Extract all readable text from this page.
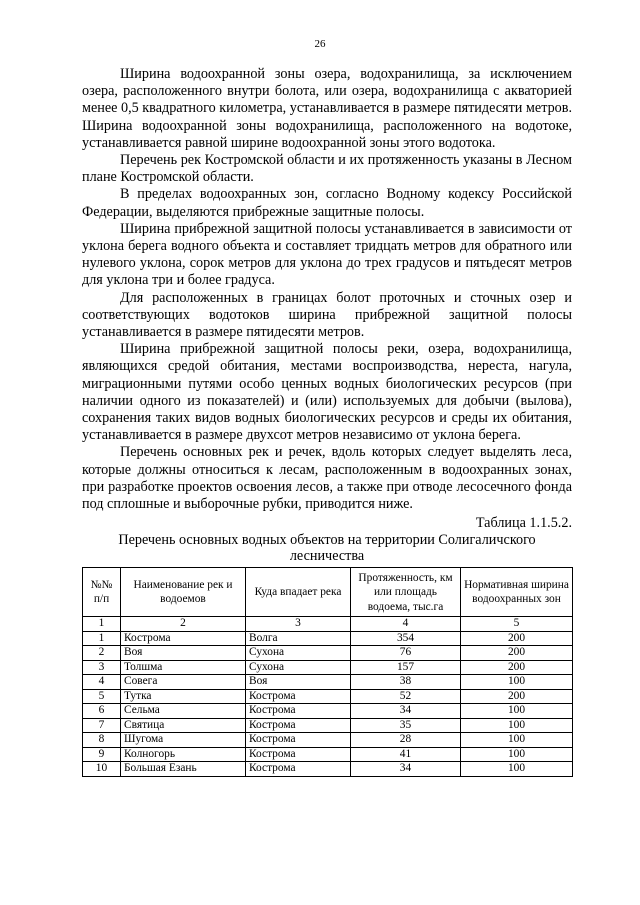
26

Ширина водоохранной зоны озера, водохранилища, за исключением озера, расположенного внутри болота, или озера, водохранилища с акваторией менее 0,5 квадратного километра, устанавливается в размере пятидесяти метров. Ширина водоохранной зоны водохранилища, расположенного на водотоке, устанавливается равной ширине водоохранной зоны этого водотока.

Перечень рек Костромской области и их протяженность указаны в Лесном плане Костромской области.

В пределах водоохранных зон, согласно Водному кодексу Российской Федерации, выделяются прибрежные защитные полосы.

Ширина прибрежной защитной полосы устанавливается в зависимости от уклона берега водного объекта и составляет тридцать метров для обратного или нулевого уклона, сорок метров для уклона до трех градусов и пятьдесят метров для уклона три и более градуса.

Для расположенных в границах болот проточных и сточных озер и соответствующих водотоков ширина прибрежной защитной полосы устанавливается в размере пятидесяти метров.

Ширина прибрежной защитной полосы реки, озера, водохранилища, являющихся средой обитания, местами воспроизводства, нереста, нагула, миграционными путями особо ценных водных биологических ресурсов (при наличии одного из показателей) и (или) используемых для добычи (вылова), сохранения таких видов водных биологических ресурсов и среды их обитания, устанавливается в размере двухсот метров независимо от уклона берега.

Перечень основных рек и речек, вдоль которых следует выделять леса, которые должны относиться к лесам, расположенным в водоохранных зонах, при разработке проектов освоения лесов, а также при отводе лесосечного фонда под сплошные и выборочные рубки, приводится ниже.

Таблица 1.1.5.2.

Перечень основных водных объектов на территории Солигаличского лесничества

№№ п/п	Наименование рек и водоемов	Куда впадает река	Протяженность, км или площадь водоема, тыс.га	Нормативная ширина водоохранных зон
1	2	3	4	5
1	Кострома	Волга	354	200
2	Воя	Сухона	76	200
3	Толшма	Сухона	157	200
4	Совега	Воя	38	100
5	Тутка	Кострома	52	200
6	Сельма	Кострома	34	100
7	Святица	Кострома	35	100
8	Шугома	Кострома	28	100
9	Колногорь	Кострома	41	100
10	Большая Езань	Кострома	34	100
